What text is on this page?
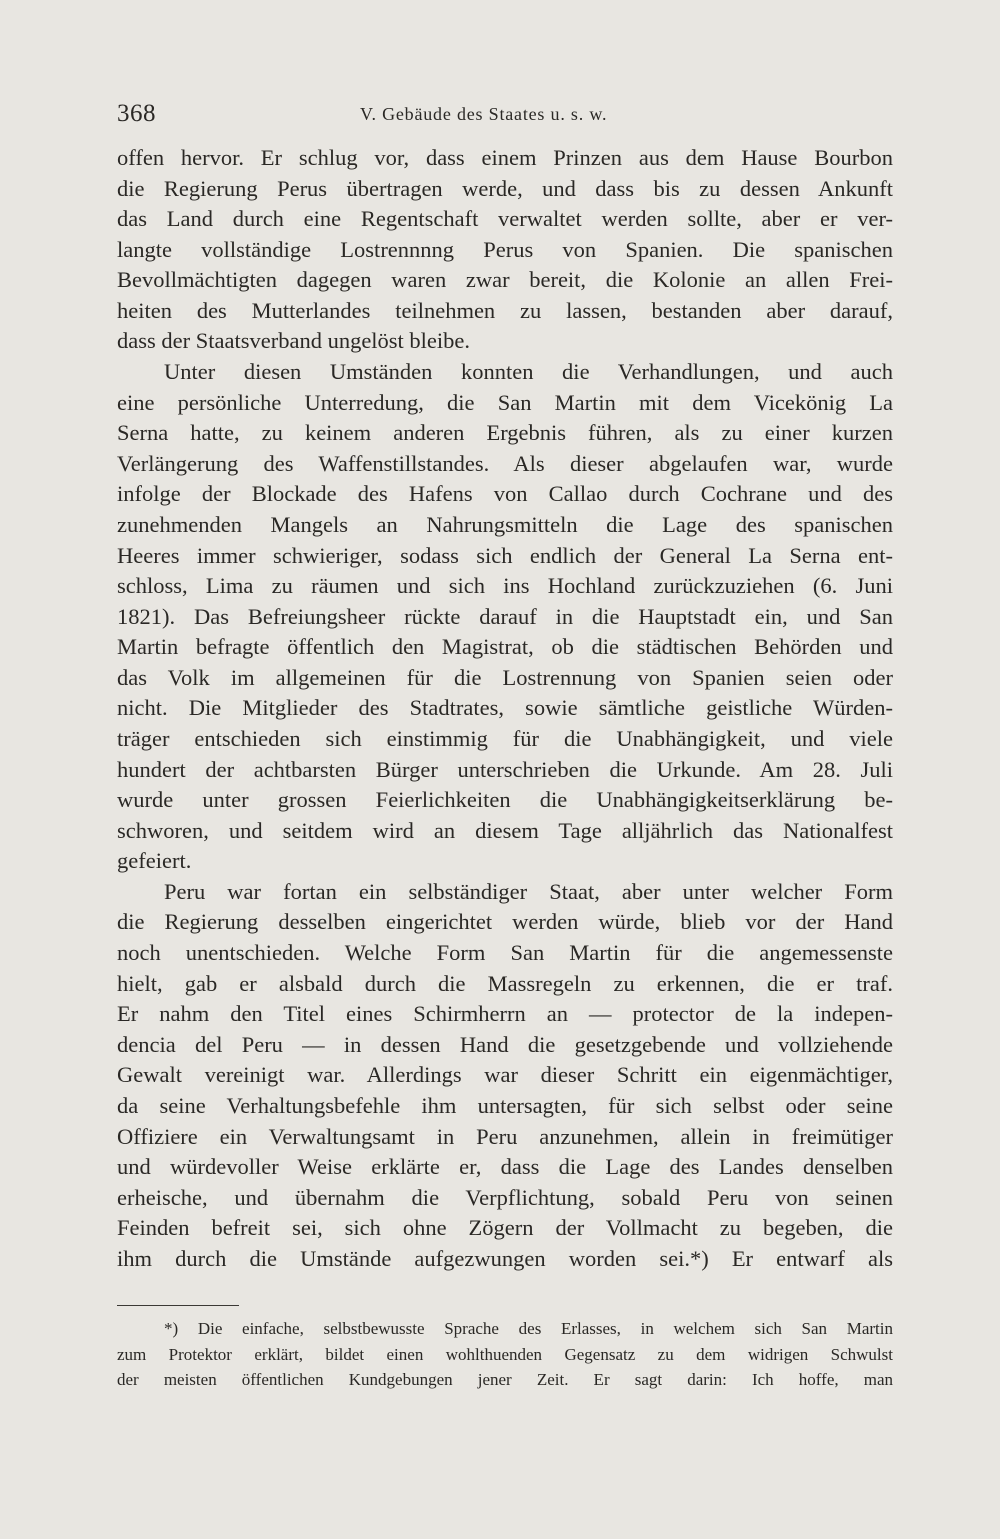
368	V. Gebäude des Staates u. s. w.
offen hervor. Er schlug vor, dass einem Prinzen aus dem Hause Bourbon
die Regierung Perus übertragen werde, und dass bis zu dessen Ankunft
das Land durch eine Regentschaft verwaltet werden sollte, aber er ver-
langte vollständige Lostrennnng Perus von Spanien. Die spanischen
Bevollmächtigten dagegen waren zwar bereit, die Kolonie an allen Frei-
heiten des Mutterlandes teilnehmen zu lassen, bestanden aber darauf,
dass der Staatsverband ungelöst bleibe.
Unter diesen Umständen konnten die Verhandlungen, und auch
eine persönliche Unterredung, die San Martin mit dem Vicekönig La
Serna hatte, zu keinem anderen Ergebnis führen, als zu einer kurzen
Verlängerung des Waffenstillstandes. Als dieser abgelaufen war, wurde
infolge der Blockade des Hafens von Callao durch Cochrane und des
zunehmenden Mangels an Nahrungsmitteln die Lage des spanischen
Heeres immer schwieriger, sodass sich endlich der General La Serna ent-
schloss, Lima zu räumen und sich ins Hochland zurückzuziehen (6. Juni
1821). Das Befreiungsheer rückte darauf in die Hauptstadt ein, und San
Martin befragte öffentlich den Magistrat, ob die städtischen Behörden und
das Volk im allgemeinen für die Lostrennung von Spanien seien oder
nicht. Die Mitglieder des Stadtrates, sowie sämtliche geistliche Würden-
träger entschieden sich einstimmig für die Unabhängigkeit, und viele
hundert der achtbarsten Bürger unterschrieben die Urkunde. Am 28. Juli
wurde unter grossen Feierlichkeiten die Unabhängigkeitserklärung be-
schworen, und seitdem wird an diesem Tage alljährlich das Nationalfest
gefeiert.
Peru war fortan ein selbständiger Staat, aber unter welcher Form
die Regierung desselben eingerichtet werden würde, blieb vor der Hand
noch unentschieden. Welche Form San Martin für die angemessenste
hielt, gab er alsbald durch die Massregeln zu erkennen, die er traf.
Er nahm den Titel eines Schirmherrn an — protector de la indepen-
dencia del Peru — in dessen Hand die gesetzgebende und vollziehende
Gewalt vereinigt war. Allerdings war dieser Schritt ein eigenmächtiger,
da seine Verhaltungsbefehle ihm untersagten, für sich selbst oder seine
Offiziere ein Verwaltungsamt in Peru anzunehmen, allein in freimütiger
und würdevoller Weise erklärte er, dass die Lage des Landes denselben
erheische, und übernahm die Verpflichtung, sobald Peru von seinen
Feinden befreit sei, sich ohne Zögern der Vollmacht zu begeben, die
ihm durch die Umstände aufgezwungen worden sei.*) Er entwarf als
*) Die einfache, selbstbewusste Sprache des Erlasses, in welchem sich San Martin
zum Protektor erklärt, bildet einen wohlthuenden Gegensatz zu dem widrigen Schwulst
der meisten öffentlichen Kundgebungen jener Zeit. Er sagt darin: Ich hoffe, man
